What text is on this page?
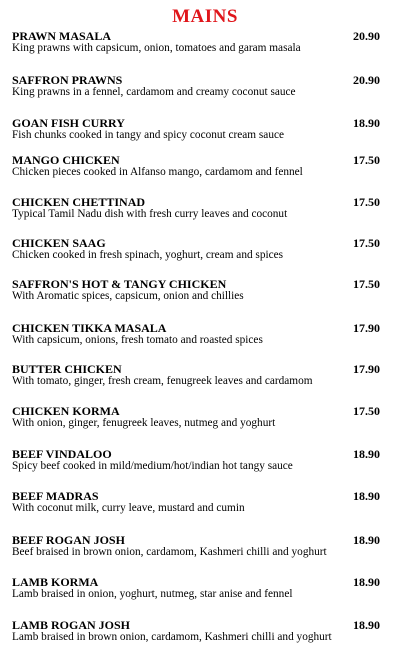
MAINS
PRAWN MASALA	20.90
King prawns with capsicum, onion, tomatoes and garam masala
SAFFRON PRAWNS	20.90
King prawns in a fennel, cardamom and creamy coconut sauce
GOAN FISH CURRY	18.90
Fish chunks cooked in tangy and spicy coconut cream sauce
MANGO CHICKEN	17.50
Chicken pieces cooked in Alfanso mango, cardamom and fennel
CHICKEN CHETTINAD	17.50
Typical Tamil Nadu dish with fresh curry leaves and coconut
CHICKEN SAAG	17.50
Chicken cooked in fresh spinach, yoghurt, cream and spices
SAFFRON'S HOT & TANGY CHICKEN	17.50
With Aromatic spices, capsicum, onion and chillies
CHICKEN TIKKA MASALA	17.90
With capsicum, onions, fresh tomato and roasted spices
BUTTER CHICKEN	17.90
With tomato, ginger, fresh cream, fenugreek leaves and cardamom
CHICKEN KORMA	17.50
With onion, ginger, fenugreek leaves, nutmeg and yoghurt
BEEF VINDALOO	18.90
Spicy beef cooked in mild/medium/hot/indian hot tangy sauce
BEEF MADRAS	18.90
With coconut milk, curry leave, mustard and cumin
BEEF ROGAN JOSH	18.90
Beef braised in brown onion, cardamom, Kashmeri chilli and yoghurt
LAMB KORMA	18.90
Lamb braised in onion, yoghurt, nutmeg, star anise and fennel
LAMB ROGAN JOSH	18.90
Lamb braised in brown onion, cardamom, Kashmeri chilli and yoghurt
